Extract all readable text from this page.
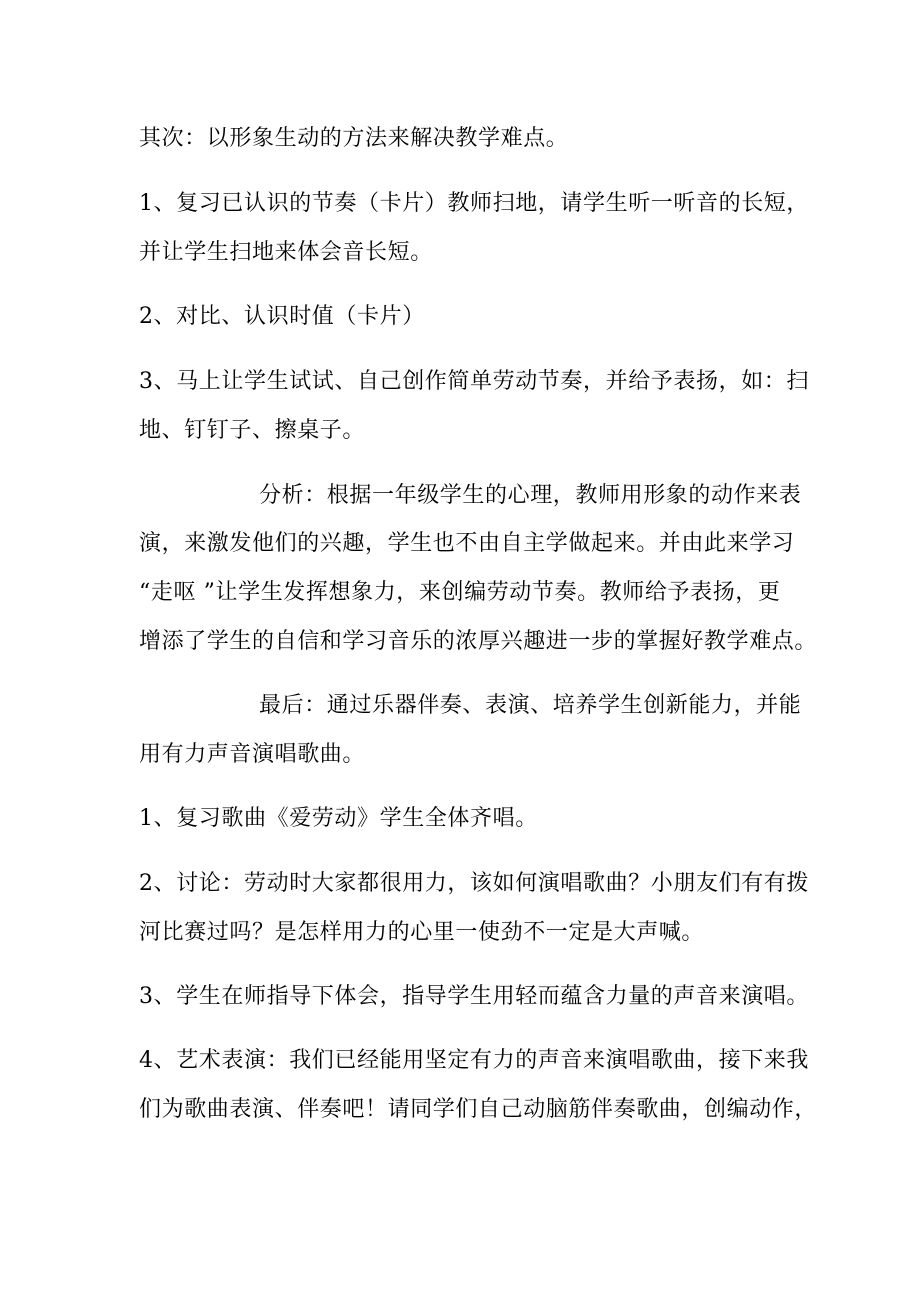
其次：以形象生动的方法来解决教学难点。
1、复习已认识的节奏（卡片）教师扫地，请学生听一听音的长短，
并让学生扫地来体会音长短。
2、对比、认识时值（卡片）
3、马上让学生试试、自己创作简单劳动节奏，并给予表扬，如：扫
地、钉钉子、擦桌子。
分析：根据一年级学生的心理，教师用形象的动作来表
演，来激发他们的兴趣，学生也不由自主学做起来。并由此来学习
“走呕 ”让学生发挥想象力，来创编劳动节奏。教师给予表扬，更
增添了学生的自信和学习音乐的浓厚兴趣进一步的掌握好教学难点。
最后：通过乐器伴奏、表演、培养学生创新能力，并能
用有力声音演唱歌曲。
1、复习歌曲《爱劳动》学生全体齐唱。
2、讨论：劳动时大家都很用力，该如何演唱歌曲？小朋友们有有拨
河比赛过吗？是怎样用力的心里一使劲不一定是大声喊。
3、学生在师指导下体会，指导学生用轻而蕴含力量的声音来演唱。
4、艺术表演：我们已经能用坚定有力的声音来演唱歌曲，接下来我
们为歌曲表演、伴奏吧！请同学们自己动脑筋伴奏歌曲，创编动作，
